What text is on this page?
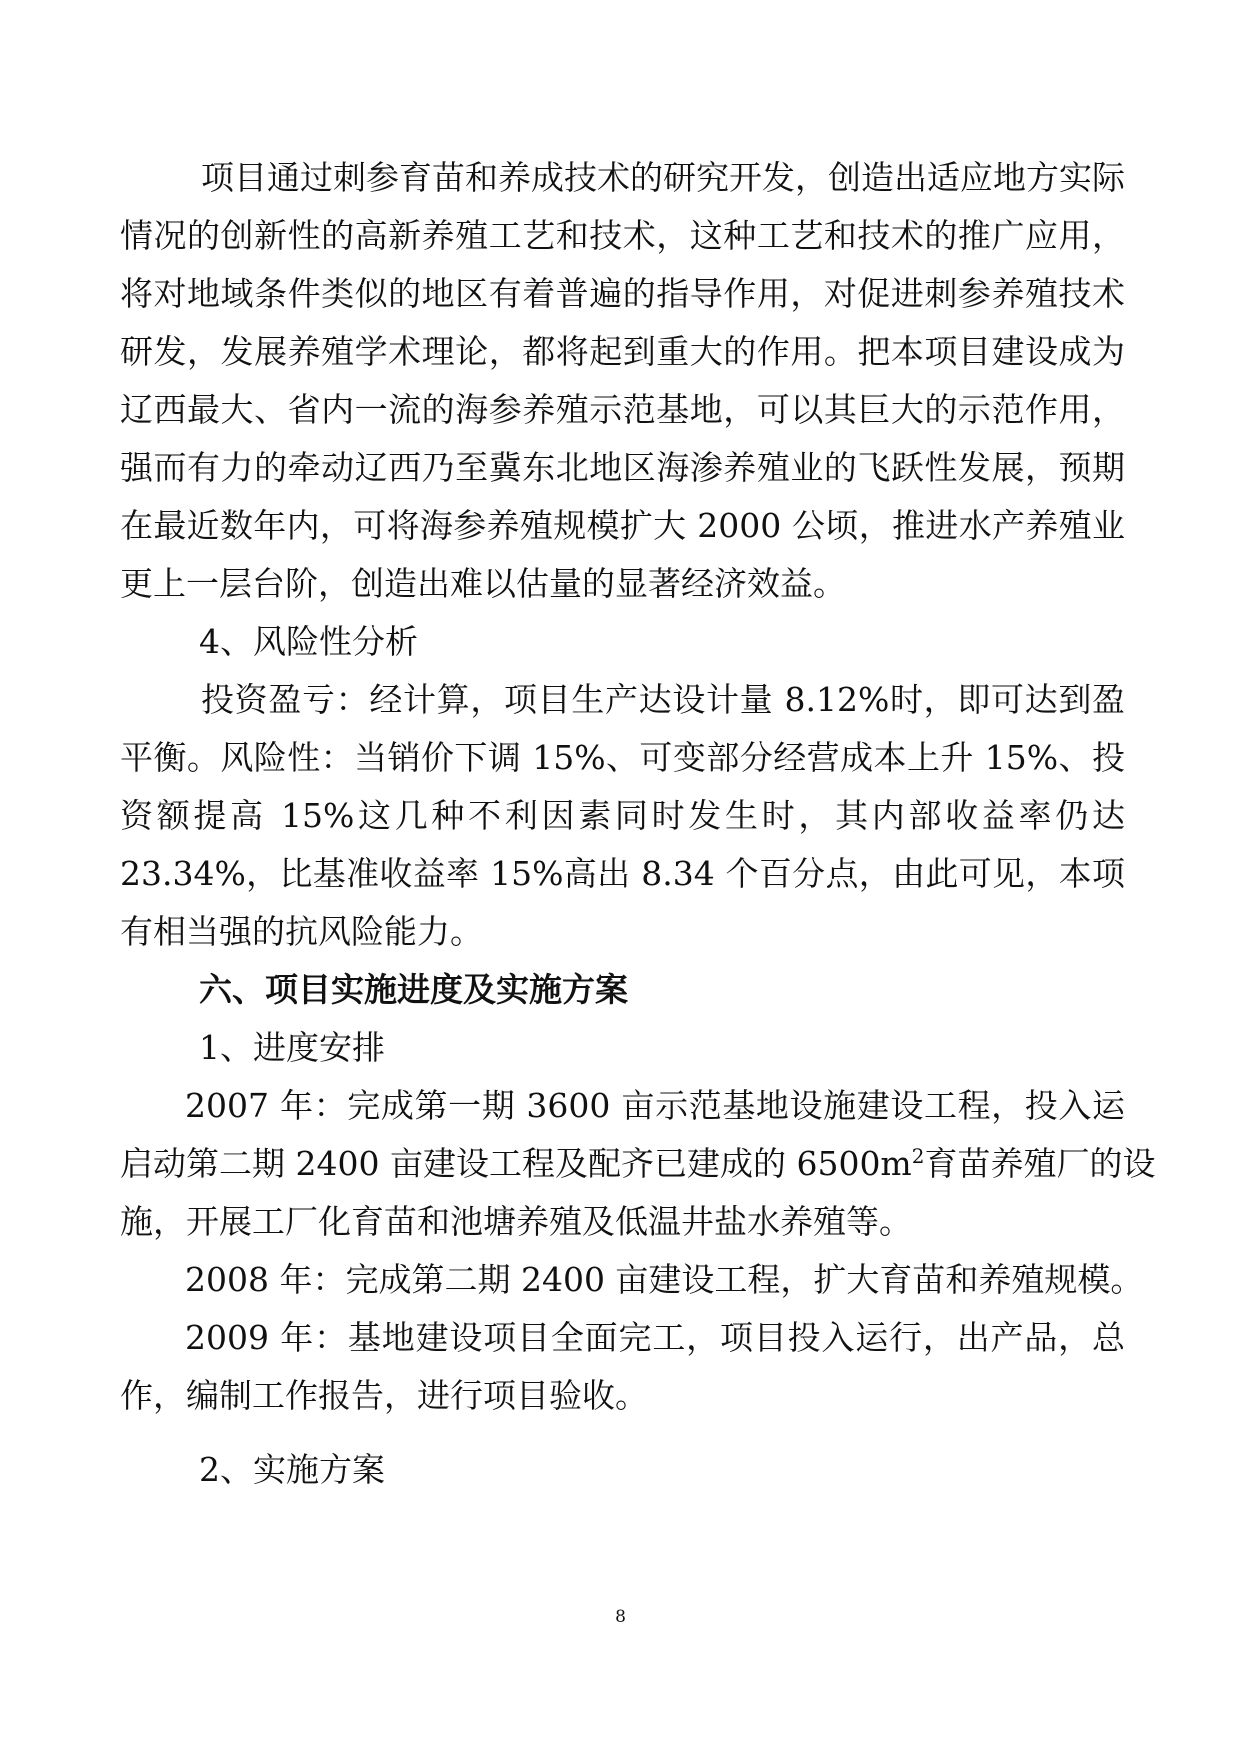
项目通过刺参育苗和养成技术的研究开发，创造出适应地方实际
情况的创新性的高新养殖工艺和技术，这种工艺和技术的推广应用，
将对地域条件类似的地区有着普遍的指导作用，对促进刺参养殖技术
研发，发展养殖学术理论，都将起到重大的作用。把本项目建设成为
辽西最大、省内一流的海参养殖示范基地，可以其巨大的示范作用，
强而有力的牵动辽西乃至冀东北地区海渗养殖业的飞跃性发展，预期
在最近数年内，可将海参养殖规模扩大 2000 公顷，推进水产养殖业
更上一层台阶，创造出难以估量的显著经济效益。
4、风险性分析
投资盈亏：经计算，项目生产达设计量 8.12%时，即可达到盈
平衡。风险性：当销价下调 15%、可变部分经营成本上升 15%、投
资额提高 15%这几种不利因素同时发生时，其内部收益率仍达
23.34%，比基准收益率 15%高出 8.34 个百分点，由此可见，本项
有相当强的抗风险能力。
六、项目实施进度及实施方案
1、进度安排
2007 年：完成第一期 3600 亩示范基地设施建设工程，投入运
启动第二期 2400 亩建设工程及配齐已建成的 $6500m^2$育苗养殖厂的设
施，开展工厂化育苗和池塘养殖及低温井盐水养殖等。
2008 年：完成第二期 2400 亩建设工程，扩大育苗和养殖规模。
2009 年：基地建设项目全面完工，项目投入运行，出产品，总
作，编制工作报告，进行项目验收。
2、实施方案
8
